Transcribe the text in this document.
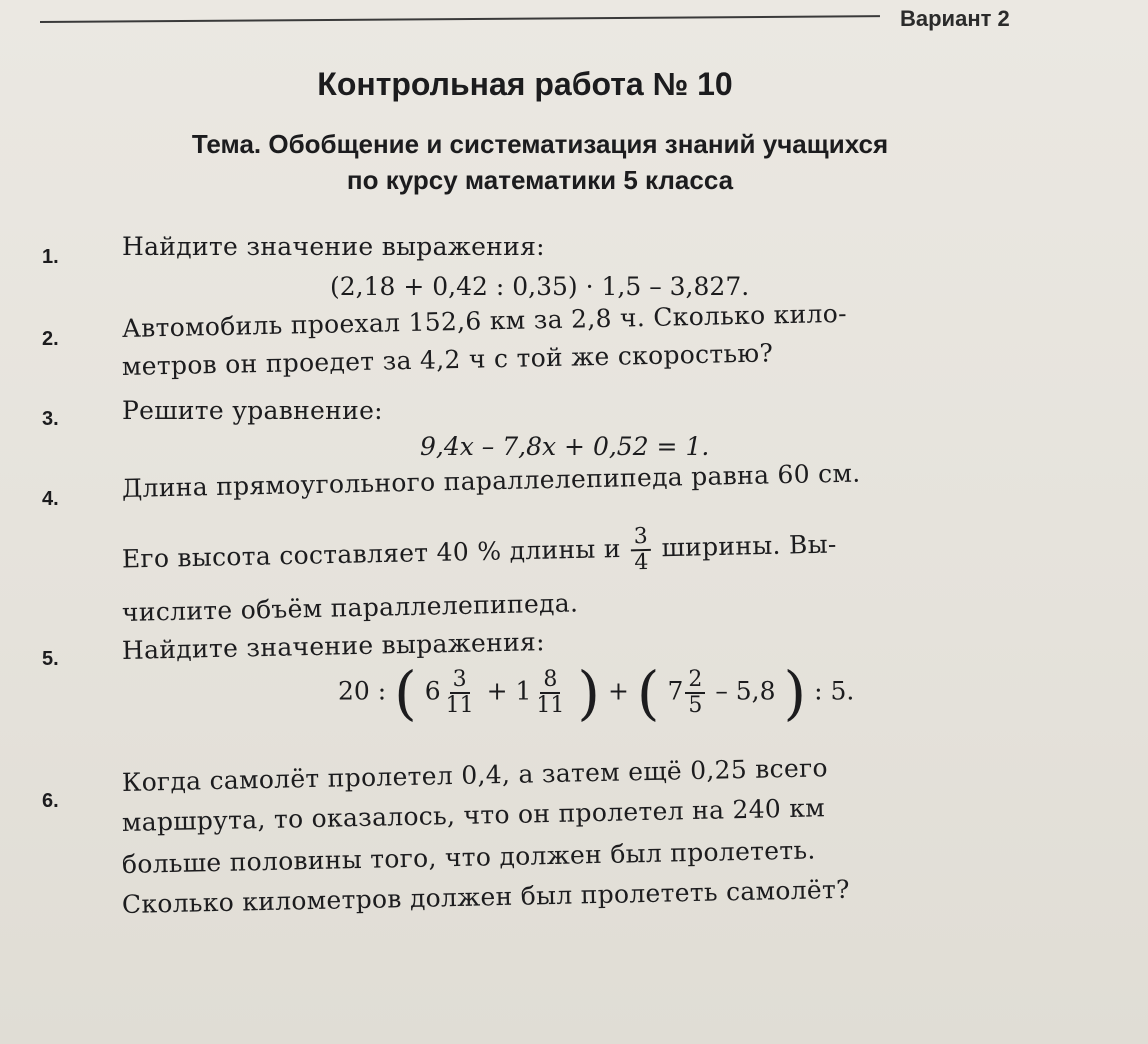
Вариант 2
Контрольная работа № 10
Тема. Обобщение и систематизация знаний учащихся
по курсу математики 5 класса
1.	Найдите значение выражения:
(2,18 + 0,42 : 0,35) · 1,5 – 3,827.
2.	Автомобиль проехал 152,6 км за 2,8 ч. Сколько кило-
метров он проедет за 4,2 ч с той же скоростью?
3.	Решите уравнение:
9,4x – 7,8x + 0,52 = 1.
4.	Длина прямоугольного параллелепипеда равна 60 см.
Его высота составляет 40 % длины и $\frac{3}{4}$ ширины. Вы-
числите объём параллелепипеда.
5.	Найдите значение выражения:
20 : ( $6 \frac{3}{11} + 1 \frac{8}{11}$ ) + ( $7 \frac{2}{5} - 5,8$ ) : 5.
6.
Когда самолёт пролетел 0,4, а затем ещё 0,25 всего
маршрута, то оказалось, что он пролетел на 240 км
больше половины того, что должен был пролететь.
Сколько километров должен был пролететь самолёт?
